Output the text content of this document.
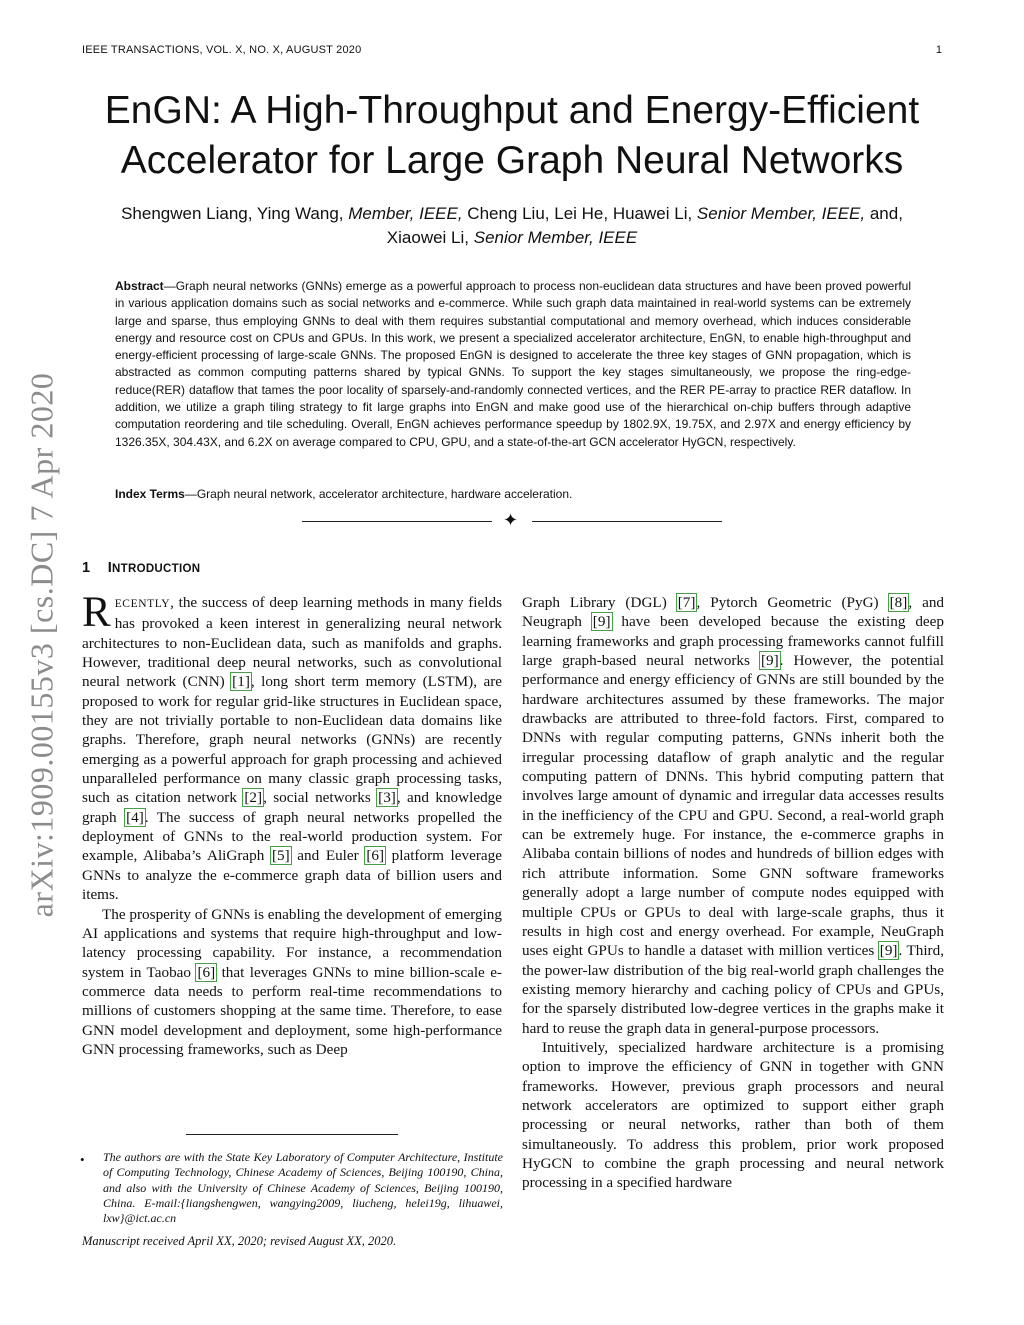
IEEE TRANSACTIONS, VOL. X, NO. X, AUGUST 2020	1
arXiv:1909.00155v3 [cs.DC] 7 Apr 2020
EnGN: A High-Throughput and Energy-Efficient
Accelerator for Large Graph Neural Networks
Shengwen Liang, Ying Wang, Member, IEEE, Cheng Liu, Lei He, Huawei Li, Senior Member, IEEE, and,
Xiaowei Li, Senior Member, IEEE
Abstract—Graph neural networks (GNNs) emerge as a powerful approach to process non-euclidean data structures and have been proved powerful in various application domains such as social networks and e-commerce. While such graph data maintained in real-world systems can be extremely large and sparse, thus employing GNNs to deal with them requires substantial computational and memory overhead, which induces considerable energy and resource cost on CPUs and GPUs. In this work, we present a specialized accelerator architecture, EnGN, to enable high-throughput and energy-efficient processing of large-scale GNNs. The proposed EnGN is designed to accelerate the three key stages of GNN propagation, which is abstracted as common computing patterns shared by typical GNNs. To support the key stages simultaneously, we propose the ring-edge-reduce(RER) dataflow that tames the poor locality of sparsely-and-randomly connected vertices, and the RER PE-array to practice RER dataflow. In addition, we utilize a graph tiling strategy to fit large graphs into EnGN and make good use of the hierarchical on-chip buffers through adaptive computation reordering and tile scheduling. Overall, EnGN achieves performance speedup by 1802.9X, 19.75X, and 2.97X and energy efficiency by 1326.35X, 304.43X, and 6.2X on average compared to CPU, GPU, and a state-of-the-art GCN accelerator HyGCN, respectively.
Index Terms—Graph neural network, accelerator architecture, hardware acceleration.
✦
1 INTRODUCTION

RECENTLY, the success of deep learning methods in many fields has provoked a keen interest in generalizing neural network architectures to non-Euclidean data, such as manifolds and graphs. However, traditional deep neural networks, such as convolutional neural network (CNN) [1], long short term memory (LSTM), are proposed to work for regular grid-like structures in Euclidean space, they are not trivially portable to non-Euclidean data domains like graphs. Therefore, graph neural networks (GNNs) are recently emerging as a powerful approach for graph processing and achieved unparalleled performance on many classic graph processing tasks, such as citation network [2], social networks [3], and knowledge graph [4]. The success of graph neural networks propelled the deployment of GNNs to the real-world production system. For example, Alibaba’s AliGraph [5] and Euler [6] platform leverage GNNs to analyze the e-commerce graph data of billion users and items.

The prosperity of GNNs is enabling the development of emerging AI applications and systems that require high-throughput and low-latency processing capability. For instance, a recommendation system in Taobao [6] that leverages GNNs to mine billion-scale e-commerce data needs to perform real-time recommendations to millions of customers shopping at the same time. Therefore, to ease GNN model development and deployment, some high-performance GNN processing frameworks, such as Deep

Graph Library (DGL) [7], Pytorch Geometric (PyG) [8], and Neugraph [9] have been developed because the existing deep learning frameworks and graph processing frameworks cannot fulfill large graph-based neural networks [9]. However, the potential performance and energy efficiency of GNNs are still bounded by the hardware architectures assumed by these frameworks. The major drawbacks are attributed to three-fold factors. First, compared to DNNs with regular computing patterns, GNNs inherit both the irregular processing dataflow of graph analytic and the regular computing pattern of DNNs. This hybrid computing pattern that involves large amount of dynamic and irregular data accesses results in the inefficiency of the CPU and GPU. Second, a real-world graph can be extremely huge. For instance, the e-commerce graphs in Alibaba contain billions of nodes and hundreds of billion edges with rich attribute information. Some GNN software frameworks generally adopt a large number of compute nodes equipped with multiple CPUs or GPUs to deal with large-scale graphs, thus it results in high cost and energy overhead. For example, NeuGraph uses eight GPUs to handle a dataset with million vertices [9]. Third, the power-law distribution of the big real-world graph challenges the existing memory hierarchy and caching policy of CPUs and GPUs, for the sparsely distributed low-degree vertices in the graphs make it hard to reuse the graph data in general-purpose processors.

Intuitively, specialized hardware architecture is a promising option to improve the efficiency of GNN in together with GNN frameworks. However, previous graph processors and neural network accelerators are optimized to support either graph processing or neural networks, rather than both of them simultaneously. To address this problem, prior work proposed HyGCN to combine the graph processing and neural network processing in a specified hardware

• The authors are with the State Key Laboratory of Computer Architecture, Institute of Computing Technology, Chinese Academy of Sciences, Beijing 100190, China, and also with the University of Chinese Academy of Sciences, Beijing 100190, China. E-mail:{liangshengwen, wangying2009, liucheng, helei19g, lihuawei, lxw}@ict.ac.cn
Manuscript received April XX, 2020; revised August XX, 2020.
